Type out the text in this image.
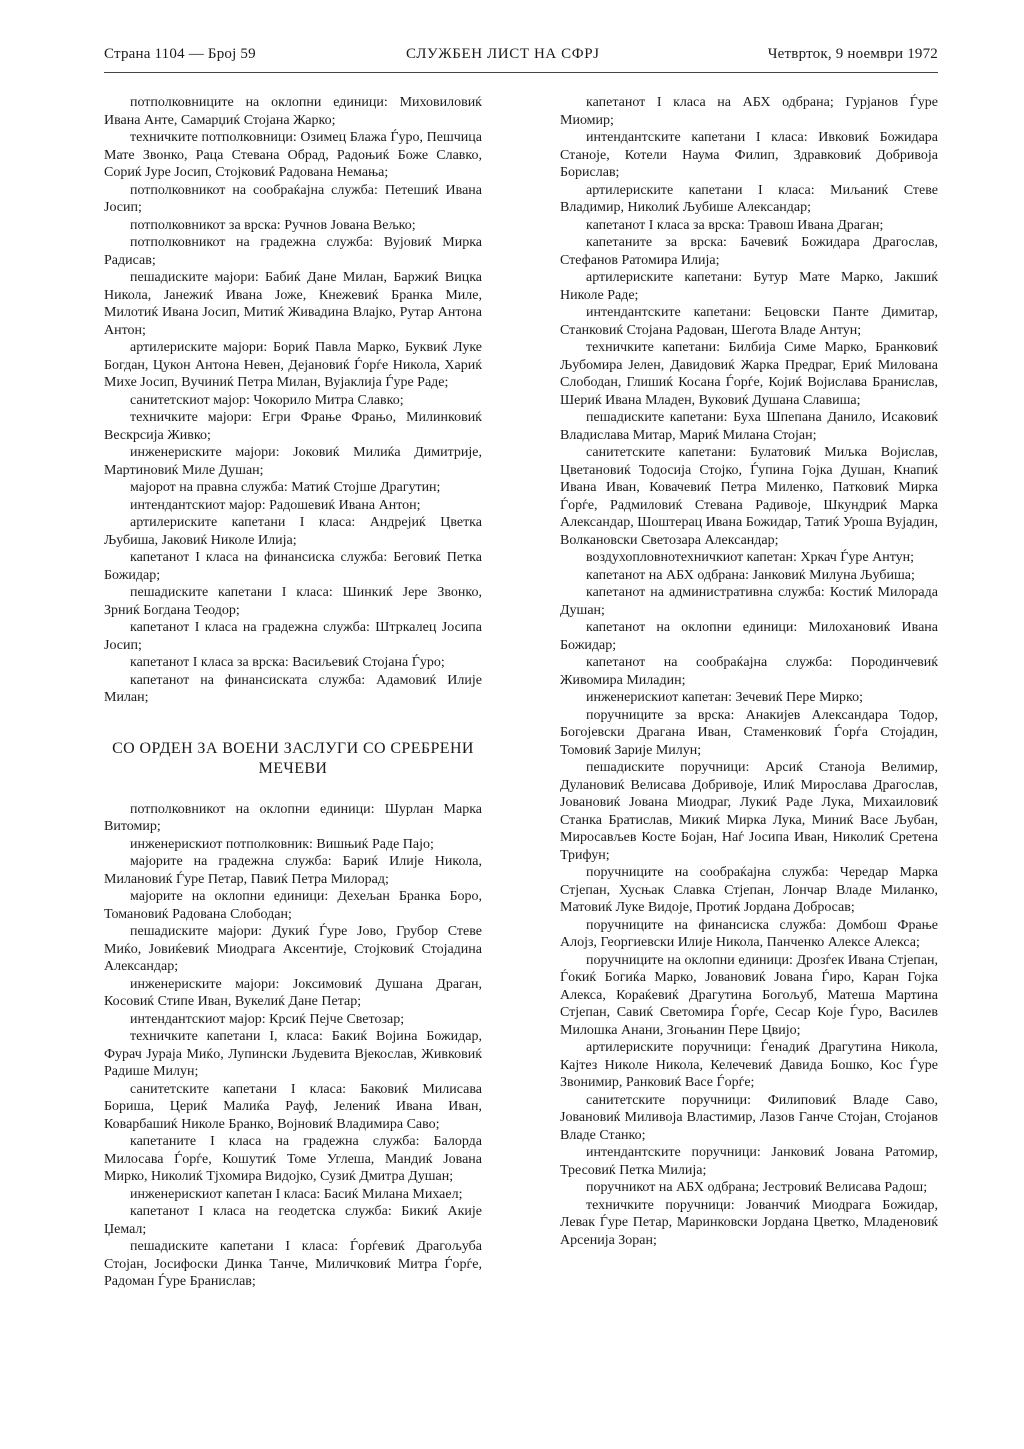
Страна 1104 — Број 59	СЛУЖБЕН ЛИСТ НА СФРЈ	Четврток, 9 ноември 1972

потполковниците на оклопни единици: Миховиловиќ Ивана Анте, Самарџиќ Стојана Жарко;

техничките потполковници: Озимец Блажа Ѓуро, Пешчица Мате Звонко, Раца Стевана Обрад, Радоњиќ Боже Славко, Сориќ Јуре Јосип, Стојковиќ Радована Немања;

потполковникот на сообраќајна служба: Петешиќ Ивана Јосип;

потполковникот за врска: Ручнов Јована Вељко;

потполковникот на градежна служба: Вујовиќ Мирка Радисав;

пешадиските мајори: Бабиќ Дане Милан, Баржиќ Вицка Никола, Јанежиќ Ивана Јоже, Кнежевиќ Бранка Миле, Милотиќ Ивана Јосип, Митиќ Живадина Влајко, Рутар Антона Антон;

артилериските мајори: Бориќ Павла Марко, Буквиќ Луке Богдан, Цукон Антона Невен, Дејановиќ Ѓорѓе Никола, Хариќ Михе Јосип, Вучиниќ Петра Милан, Вујаклија Ѓуре Раде;

санитетскиот мајор: Чокорило Митра Славко;

техничките мајори: Егри Фрање Фрањо, Милинковиќ Вескрсија Живко;

инженериските мајори: Јоковиќ Милиќа Димитрије, Мартиновиќ Миле Душан;

мајорот на правна служба: Матиќ Стојше Драгутин;

интендантскиот мајор: Радошевиќ Ивана Антон;

артилериските капетани I класа: Андрејиќ Цветка Љубиша, Јаковиќ Николе Илија;

капетанот I класа на финансиска служба: Беговиќ Петка Божидар;

пешадиските капетани I класа: Шинкиќ Јере Звонко, Зрниќ Богдана Теодор;

капетанот I класа на градежна служба: Штркалец Јосипа Јосип;

капетанот I класа за врска: Васиљевиќ Стојана Ѓуро;

капетанот на финансиската служба: Адамовиќ Илије Милан;

СО ОРДЕН ЗА ВОЕНИ ЗАСЛУГИ СО СРЕБРЕНИ МЕЧЕВИ

потполковникот на оклопни единици: Шурлан Марка Витомир;

инженерискиот потполковник: Вишњиќ Раде Пајо;

мајорите на градежна служба: Бариќ Илије Никола, Милановиќ Ѓуре Петар, Павиќ Петра Милорад;

мајорите на оклопни единици: Дехељан Бранка Боро, Томановиќ Радована Слободан;

пешадиските мајори: Дукиќ Ѓуре Јово, Грубор Стеве Миќо, Јовиќевиќ Миодрага Аксентије, Стојковиќ Стојадина Александар;

инженериските мајори: Јоксимовиќ Душана Драган, Косовиќ Стипе Иван, Вукелиќ Дане Петар;

интендантскиот мајор: Крсиќ Пејче Светозар;

техничките капетани I, класа: Бакиќ Војина Божидар, Фурач Јураја Миќо, Лупински Људевита Вјекослав, Живковиќ Радише Милун;

санитетските капетани I класа: Баковиќ Милисава Бориша, Цериќ Малиќа Рауф, Јелениќ Ивана Иван, Коварбашиќ Николе Бранко, Војновиќ Владимира Саво;

капетаните I класа на градежна служба: Балорда Милосава Ѓорѓе, Кошутиќ Томе Углеша, Мандиќ Јована Мирко, Николиќ Тјхомира Видојко, Сузиќ Дмитра Душан;

инженерискиот капетан I класа: Басиќ Милана Михаел;

капетанот I класа на геодетска служба: Бикиќ Акије Џемал;

пешадиските капетани I класа: Ѓорѓевиќ Драгољуба Стојан, Јосифоски Динка Танче, Миличковиќ Митра Ѓорѓе, Радоман Ѓуре Бранислав;

капетанот I класа на АБХ одбрана; Гурјанов Ѓуре Миомир;

интендантските капетани I класа: Ивковиќ Божидара Станоје, Котели Наума Филип, Здравковиќ Добривоја Борислав;

артилериските капетани I класа: Миљаниќ Стеве Владимир, Николиќ Љубише Александар;

капетанот I класа за врска: Травош Ивана Драган;

капетаните за врска: Бачевиќ Божидара Драгослав, Стефанов Ратомира Илија;

артилериските капетани: Бутур Мате Марко, Јакшиќ Николе Раде;

интендантските капетани: Бецовски Панте Димитар, Станковиќ Стојана Радован, Шегота Владе Антун;

техничките капетани: Билбија Симе Марко, Бранковиќ Љубомира Јелен, Давидовиќ Жарка Предраг, Ериќ Милована Слободан, Глишиќ Косана Ѓорѓе, Којиќ Војислава Бранислав, Шериќ Ивана Младен, Вуковиќ Душана Славиша;

пешадиските капетани: Буха Шпепана Данило, Исаковиќ Владислава Митар, Мариќ Милана Стојан;

санитетските капетани: Булатовиќ Миљка Војислав, Цветановиќ Тодосија Стојко, Ѓупина Гојка Душан, Кнапиќ Ивана Иван, Ковачевиќ Петра Миленко, Патковиќ Мирка Ѓорѓе, Радмиловиќ Стевана Радивоје, Шкундриќ Марка Александар, Шоштерац Ивана Божидар, Татиќ Уроша Вујадин, Волкановски Светозара Александар;

воздухопловнотехничкиот капетан: Хркач Ѓуре Антун;

капетанот на АБХ одбрана: Јанковиќ Милуна Љубиша;

капетанот на административна служба: Костиќ Милорада Душан;

капетанот на оклопни единици: Милохановиќ Ивана Божидар;

капетанот на сообраќајна служба: Породинчевиќ Живомира Миладин;

инженерискиот капетан: Зечевиќ Пере Мирко;

поручниците за врска: Анакијев Александара Тодор, Богојевски Драгана Иван, Стаменковиќ Ѓорѓа Стојадин, Томовиќ Зарије Милун;

пешадиските поручници: Арсиќ Станоја Велимир, Дулановиќ Велисава Добривоје, Илиќ Мирослава Драгослав, Јовановиќ Јована Миодраг, Лукиќ Раде Лука, Михаиловиќ Станка Братислав, Микиќ Мирка Лука, Миниќ Васе Љубан, Миросављев Косте Бојан, Наѓ Јосипа Иван, Николиќ Сретена Трифун;

поручниците на сообраќајна служба: Чередар Марка Стјепан, Хусњак Славка Стјепан, Лончар Владе Миланко, Матовиќ Луке Видоје, Протиќ Јордана Добросав;

поручниците на финансиска служба: Домбош Фрање Алојз, Георгиевски Илије Никола, Панченко Алексе Алекса;

поручниците на оклопни единици: Дрозѓек Ивана Стјепан, Ѓокиќ Богиќа Марко, Јовановиќ Јована Ѓиро, Каран Гојка Алекса, Кораќевиќ Драгутина Богољуб, Матеша Мартина Стјепан, Савиќ Светомира Ѓорѓе, Сесар Које Ѓуро, Василев Милошка Анани, Згоњанин Пере Цвијо;

артилериските поручници: Ѓенадиќ Драгутина Никола, Кајтез Николе Никола, Келечевиќ Давида Бошко, Кос Ѓуре Звонимир, Ранковиќ Васе Ѓорѓе;

санитетските поручници: Филиповиќ Владе Саво, Јовановиќ Миливоја Властимир, Лазов Ганче Стојан, Стојанов Владе Станко;

интендантските поручници: Јанковиќ Јована Ратомир, Тресовиќ Петка Милија;

поручникот на АБХ одбрана; Јестровиќ Велисава Радош;

техничките поручници: Јованчиќ Миодрага Божидар, Левак Ѓуре Петар, Маринковски Јордана Цветко, Младеновиќ Арсенија Зоран;
